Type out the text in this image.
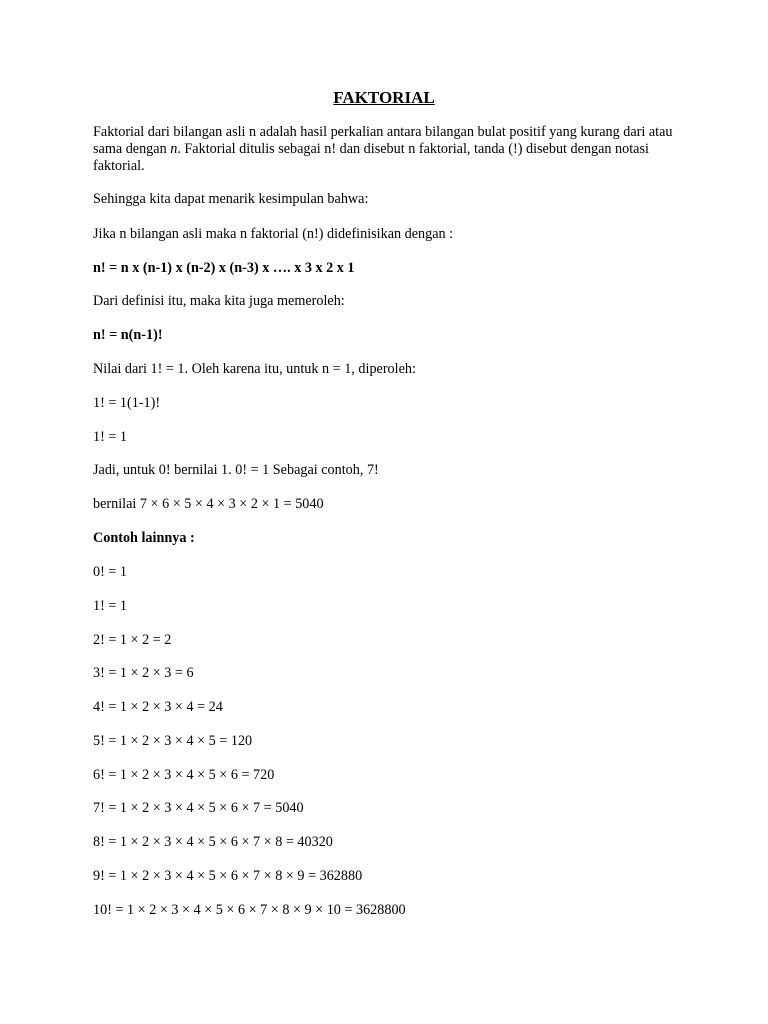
FAKTORIAL
Faktorial dari bilangan asli n adalah hasil perkalian antara bilangan bulat positif yang kurang dari atau sama dengan n. Faktorial ditulis sebagai n! dan disebut n faktorial, tanda (!) disebut dengan notasi faktorial.
Sehingga kita dapat menarik kesimpulan bahwa:
Jika n bilangan asli maka n faktorial (n!) didefinisikan dengan :
n! = n x (n-1) x (n-2) x (n-3) x …. x 3 x 2 x 1
Dari definisi itu, maka kita juga memeroleh:
n! = n(n-1)!
Nilai dari 1! = 1. Oleh karena itu, untuk n = 1, diperoleh:
1! = 1(1-1)!
1! = 1
Jadi, untuk 0! bernilai 1. 0! = 1 Sebagai contoh, 7!
bernilai 7 × 6 × 5 × 4 × 3 × 2 × 1 = 5040
Contoh lainnya :
0! = 1
1! = 1
2! = 1 × 2 = 2
3! = 1 × 2 × 3 = 6
4! = 1 × 2 × 3 × 4 = 24
5! = 1 × 2 × 3 × 4 × 5 = 120
6! = 1 × 2 × 3 × 4 × 5 × 6 = 720
7! = 1 × 2 × 3 × 4 × 5 × 6 × 7 = 5040
8! = 1 × 2 × 3 × 4 × 5 × 6 × 7 × 8 = 40320
9! = 1 × 2 × 3 × 4 × 5 × 6 × 7 × 8 × 9 = 362880
10! = 1 × 2 × 3 × 4 × 5 × 6 × 7 × 8 × 9 × 10 = 3628800
